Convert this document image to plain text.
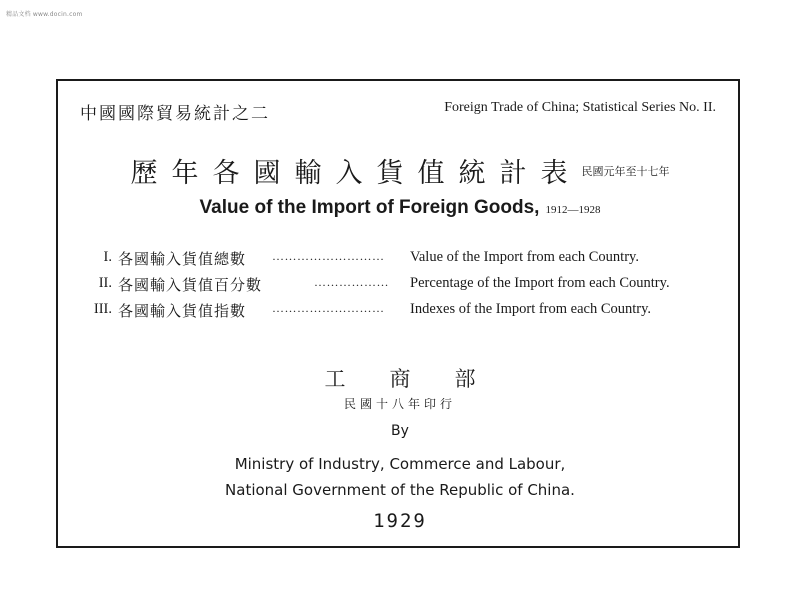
精品文档 www.docin.com
中國國際貿易統計之二	Foreign Trade of China; Statistical Series No. II.
歷年各國輸入貨值統計表$^{民國元年至十七年}$
Value of the Import of Foreign Goods, 1912—1928
I. 各國輸入貨值總數 ………………………	Value of the Import from each Country.
II. 各國輸入貨值百分數	………………	Percentage of the Import from each Country.
III. 各國輸入貨值指數 ………………………	Indexes of the Import from each Country.
工商部
民國十八年印行
By
Ministry of Industry, Commerce and Labour,
National Government of the Republic of China.
1929
